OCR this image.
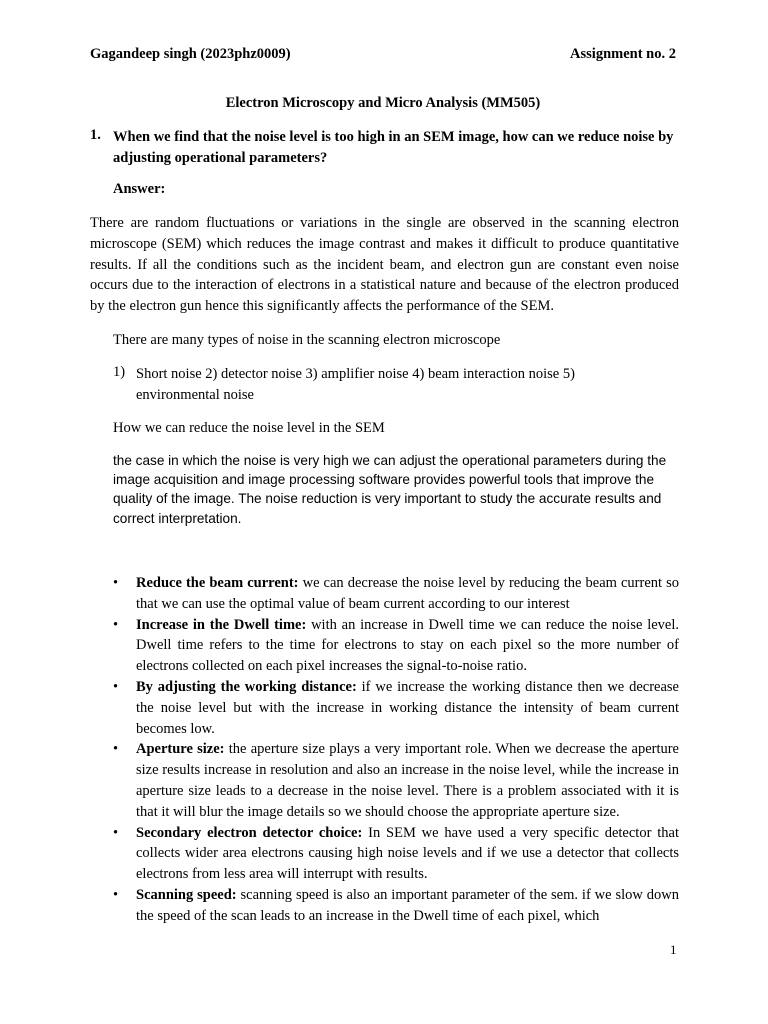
Gagandeep singh (2023phz0009)	Assignment no. 2
Electron Microscopy and Micro Analysis (MM505)
1. When we find that the noise level is too high in an SEM image, how can we reduce noise by adjusting operational parameters?
Answer:
There are random fluctuations or variations in the single are observed in the scanning electron microscope (SEM) which reduces the image contrast and makes it difficult to produce quantitative results. If all the conditions such as the incident beam, and electron gun are constant even noise occurs due to the interaction of electrons in a statistical nature and because of the electron produced by the electron gun hence this significantly affects the performance of the SEM.
There are many types of noise in the scanning electron microscope
1) Short noise 2) detector noise 3) amplifier noise 4) beam interaction noise 5) environmental noise
How we can reduce the noise level in the SEM
the case in which the noise is very high we can adjust the operational parameters during the image acquisition and image processing software provides powerful tools that improve the quality of the image. The noise reduction is very important to study the accurate results and correct interpretation.
• Reduce the beam current: we can decrease the noise level by reducing the beam current so that we can use the optimal value of beam current according to our interest
• Increase in the Dwell time: with an increase in Dwell time we can reduce the noise level. Dwell time refers to the time for electrons to stay on each pixel so the more number of electrons collected on each pixel increases the signal-to-noise ratio.
• By adjusting the working distance: if we increase the working distance then we decrease the noise level but with the increase in working distance the intensity of beam current becomes low.
• Aperture size: the aperture size plays a very important role. When we decrease the aperture size results increase in resolution and also an increase in the noise level, while the increase in aperture size leads to a decrease in the noise level. There is a problem associated with it is that it will blur the image details so we should choose the appropriate aperture size.
• Secondary electron detector choice: In SEM we have used a very specific detector that collects wider area electrons causing high noise levels and if we use a detector that collects electrons from less area will interrupt with results.
• Scanning speed: scanning speed is also an important parameter of the sem. if we slow down the speed of the scan leads to an increase in the Dwell time of each pixel, which
1
